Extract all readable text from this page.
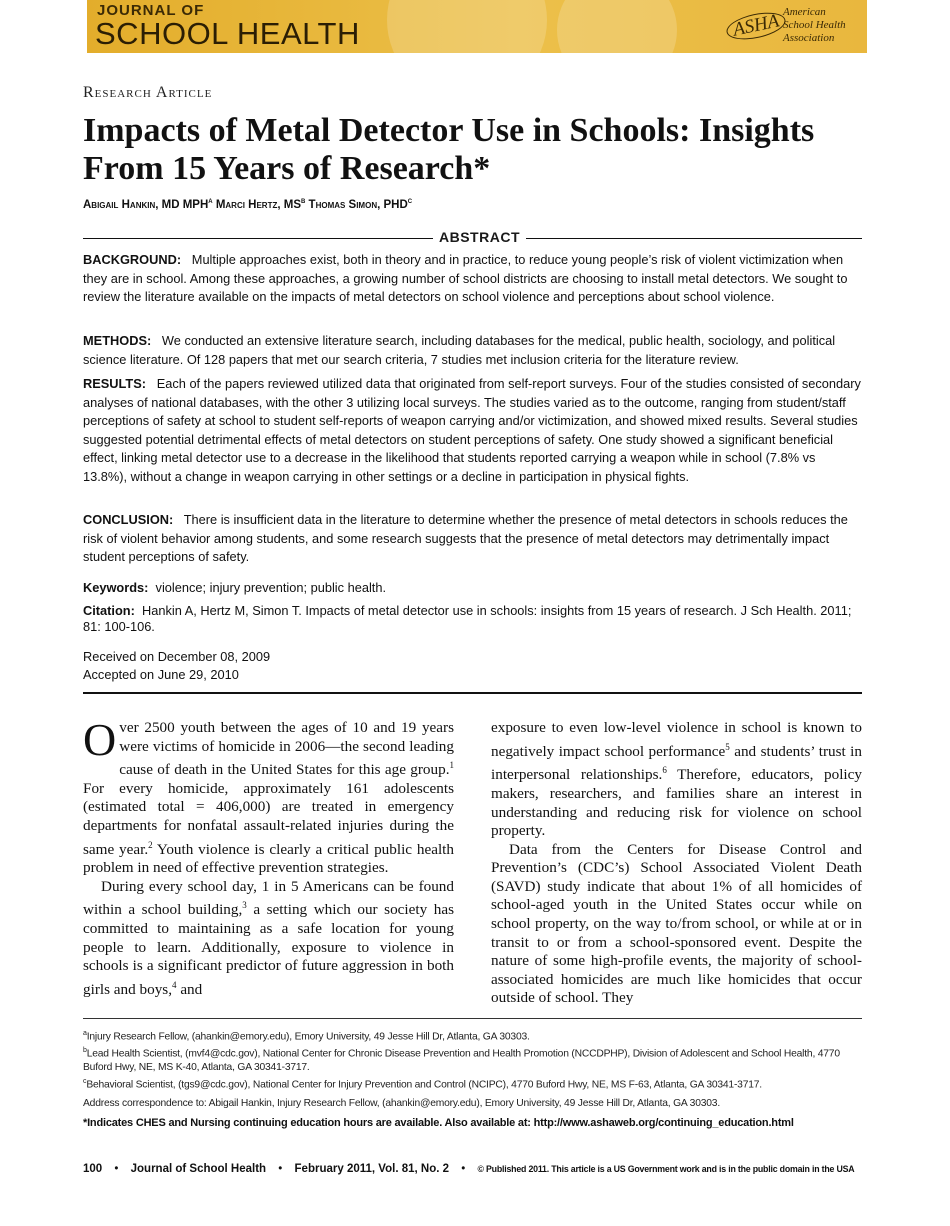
JOURNAL OF
SCHOOL HEALTH	ASHA American
School Health
Association
Research Article
Impacts of Metal Detector Use in Schools: Insights From 15 Years of Research*
Abigail Hankin, MD MPH$^a$ Marci Hertz, $MS^b$ Thomas Simon, PHD$^c$
ABSTRACT
BACKGROUND: Multiple approaches exist, both in theory and in practice, to reduce young people’s risk of violent victimization when they are in school. Among these approaches, a growing number of school districts are choosing to install metal detectors. We sought to review the literature available on the impacts of metal detectors on school violence and perceptions about school violence.
METHODS: We conducted an extensive literature search, including databases for the medical, public health, sociology, and political science literature. Of 128 papers that met our search criteria, 7 studies met inclusion criteria for the literature review.
RESULTS: Each of the papers reviewed utilized data that originated from self-report surveys. Four of the studies consisted of secondary analyses of national databases, with the other 3 utilizing local surveys. The studies varied as to the outcome, ranging from student/staff perceptions of safety at school to student self-reports of weapon carrying and/or victimization, and showed mixed results. Several studies suggested potential detrimental effects of metal detectors on student perceptions of safety. One study showed a significant beneficial effect, linking metal detector use to a decrease in the likelihood that students reported carrying a weapon while in school (7.8% vs 13.8%), without a change in weapon carrying in other settings or a decline in participation in physical fights.
CONCLUSION: There is insufficient data in the literature to determine whether the presence of metal detectors in schools reduces the risk of violent behavior among students, and some research suggests that the presence of metal detectors may detrimentally impact student perceptions of safety.
Keywords: violence; injury prevention; public health.
Citation: Hankin A, Hertz M, Simon T. Impacts of metal detector use in schools: insights from 15 years of research. J Sch Health. 2011; 81: 100-106.
Received on December 08, 2009
Accepted on June 29, 2010

Over 2500 youth between the ages of 10 and 19 years were victims of homicide in 2006—the second leading cause of death in the United States for this age group.$^1$ For every homicide, approximately 161 adolescents (estimated total = 406,000) are treated in emergency departments for nonfatal assault-related injuries during the same year.$^2$ Youth violence is clearly a critical public health problem in need of effective prevention strategies.

During every school day, 1 in 5 Americans can be found within a school building,$^3$ a setting which our society has committed to maintaining as a safe location for young people to learn. Additionally, exposure to violence in schools is a significant predictor of future aggression in both girls and boys,$^4$ and

exposure to even low-level violence in school is known to negatively impact school performance$^5$ and students’ trust in interpersonal relationships.$^6$ Therefore, educators, policy makers, researchers, and families share an interest in understanding and reducing risk for violence on school property.

Data from the Centers for Disease Control and Prevention’s (CDC’s) School Associated Violent Death (SAVD) study indicate that about 1% of all homicides of school-aged youth in the United States occur while on school property, on the way to/from school, or while at or in transit to or from a school-sponsored event. Despite the nature of some high-profile events, the majority of school-associated homicides are much like homicides that occur outside of school. They

$^a$Injury Research Fellow, (ahankin@emory.edu), Emory University, 49 Jesse Hill Dr, Atlanta, GA 30303.
$^b$Lead Health Scientist, (mvf4@cdc.gov), National Center for Chronic Disease Prevention and Health Promotion (NCCDPHP), Division of Adolescent and School Health, 4770 Buford Hwy, NE, MS K-40, Atlanta, GA 30341-3717.
$^c$Behavioral Scientist, (tgs9@cdc.gov), National Center for Injury Prevention and Control (NCIPC), 4770 Buford Hwy, NE, MS F-63, Atlanta, GA 30341-3717.
Address correspondence to: Abigail Hankin, Injury Research Fellow, (ahankin@emory.edu), Emory University, 49 Jesse Hill Dr, Atlanta, GA 30303.
*Indicates CHES and Nursing continuing education hours are available. Also available at: http://www.ashaweb.org/continuing_education.html
100 • Journal of School Health • February 2011, Vol. 81, No. 2 • © Published 2011. This article is a US Government work and is in the public domain in the USA
